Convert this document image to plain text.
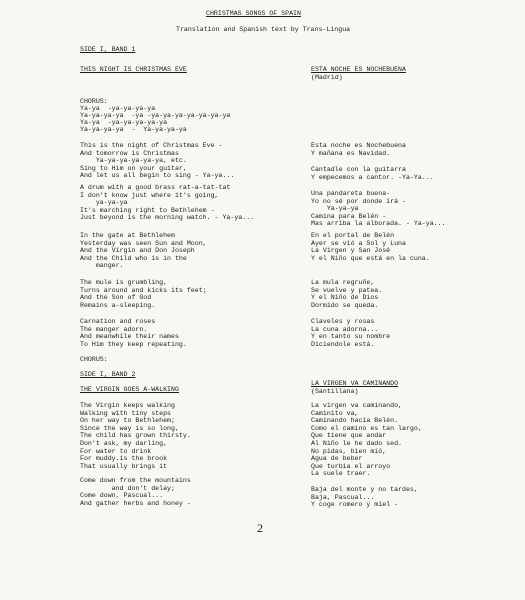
CHRISTMAS SONGS OF SPAIN
Translation and Spanish text by Trans-Lingua
SIDE I, BAND 1
THIS NIGHT IS CHRISTMAS EVE	ESTA NOCHE ES NOCHEBUENA
(Madrid)
CHORUS:
Ya-ya  -ya-ya-ya-ya
Ya-ya-ya-ya  -ya -ya-ya-ya-ya-ya-ya-ya
Ya-ya  -ya-ya-ya-ya-ya
Ya-ya-ya-ya  -  Ya-ya-ya-ya
This is the night of Christmas Eve -
And tomorrow is Christmas
Ya-ya-ya-ya-ya-ya, etc.
Sing to Him on your guitar,
And let us all begin to sing - Ya-ya...
A drum with a good brass rat-a-tat-tat
I don't know just where it's going,
ya-ya-ya
It's marching right to Bethlehem -
Just beyond is the morning watch. - Ya-ya...
In the gate at Bethlehem
Yesterday was seen Sun and Moon,
And the Virgin and Don Joseph
And the Child who is in the
manger.
The mule is grumbling,
Turns around and kicks its feet;
And the Son of God
Remains a-sleeping.
Carnation and roses
The manger adorn.
And meanwhile their names
To Him they keep repeating.
Esta noche es Nochebuena
Y mañana es Navidad.
Cantadle con la guitarra
Y empecemos a cantor. -Ya-Ya...
Una pandareta buena-
Yo no sé por donde irá -
Ya-ya-ya
Camina para Belén -
Mas arriba la alborada. - Ya-ya...
En el portal de Belén
Ayer se vió a Sol y Luna
La Virgen y San José
Y el Niño que está en la cuna.
La mula regruñe,
Se vuelve y patea.
Y el Niño de Dios
Dormido se queda.
Claveles y rosas
La cuna adorna...
Y en tanto su nombre
Diciendole está.
CHORUS:
SIDE I, BAND 2
THE VIRGIN GOES A-WALKING
LA VIRGEN VA CAMINANDO
(Santillana)
The Virgin keeps walking
Walking with tiny steps
On her way to Bethlehem;
Since the way is so long,
The child has grown thirsty.
Don't ask, my darling,
For water to drink
For muddy.is the brook
That usually brings it
Come down from the mountains
and don't delay;
Come down, Pascual...
And gather herbs and honey -
La virgen va caminando,
Caminito va,
Caminando hacia Belén.
Como el camino es tan largo,
Que tiene que andar
Al Niño le he dado sed.
No pidas, bien mió,
Agua de beber
Que turbia el arroyo
La suele traer.
Baja del monte y no tardes,
Baja, Pascual...
Y coge romero y miel -
2
